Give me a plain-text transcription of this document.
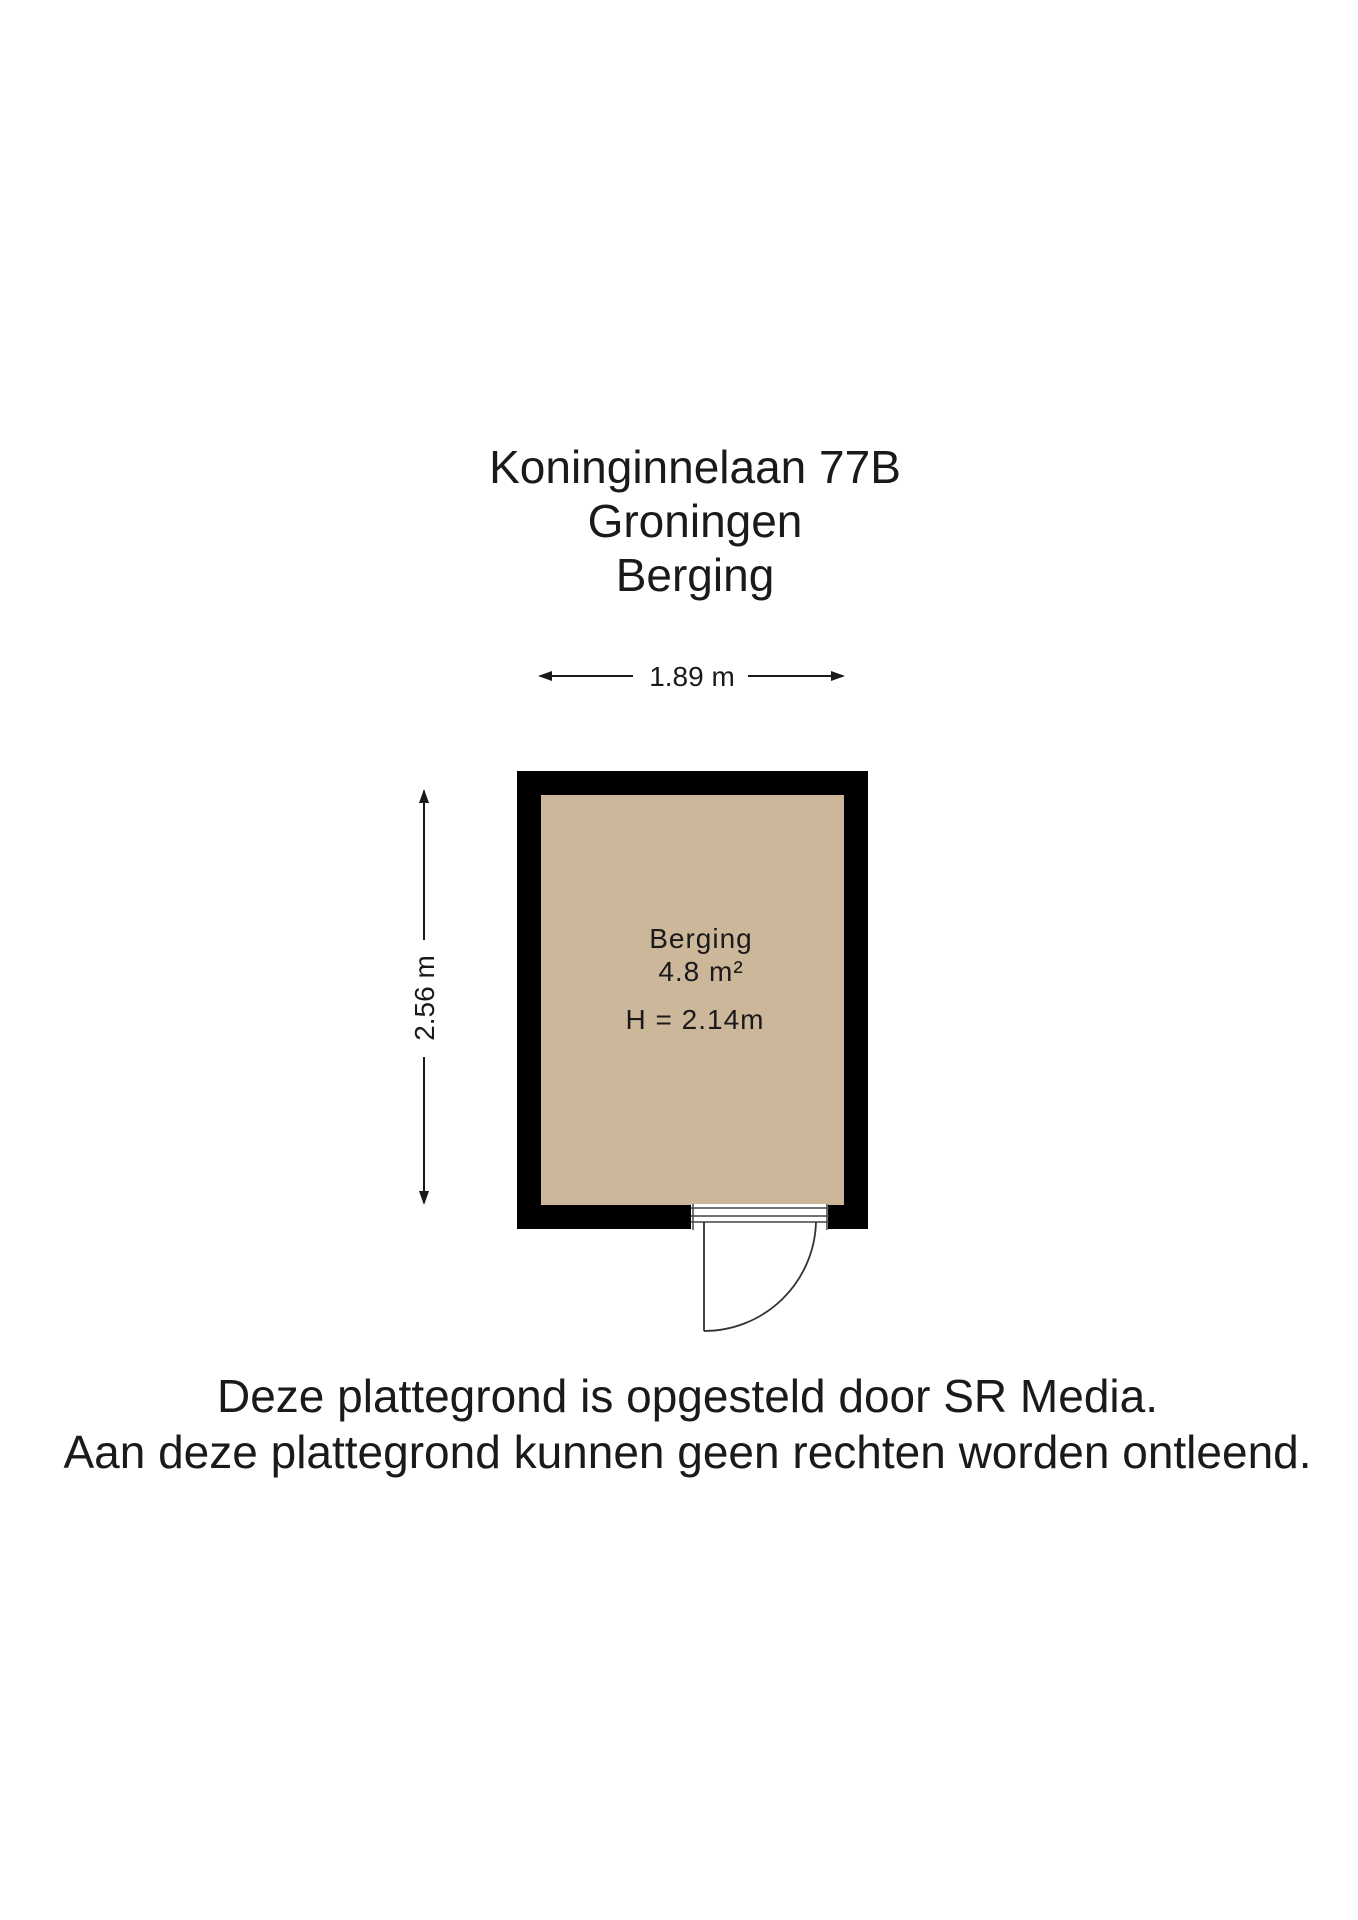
Koninginnelaan 77B
Groningen
Berging
1.89 m
2.56 m
Berging
4.8 m²
H = 2.14m
Deze plattegrond is opgesteld door SR Media.
Aan deze plattegrond kunnen geen rechten worden ontleend.
